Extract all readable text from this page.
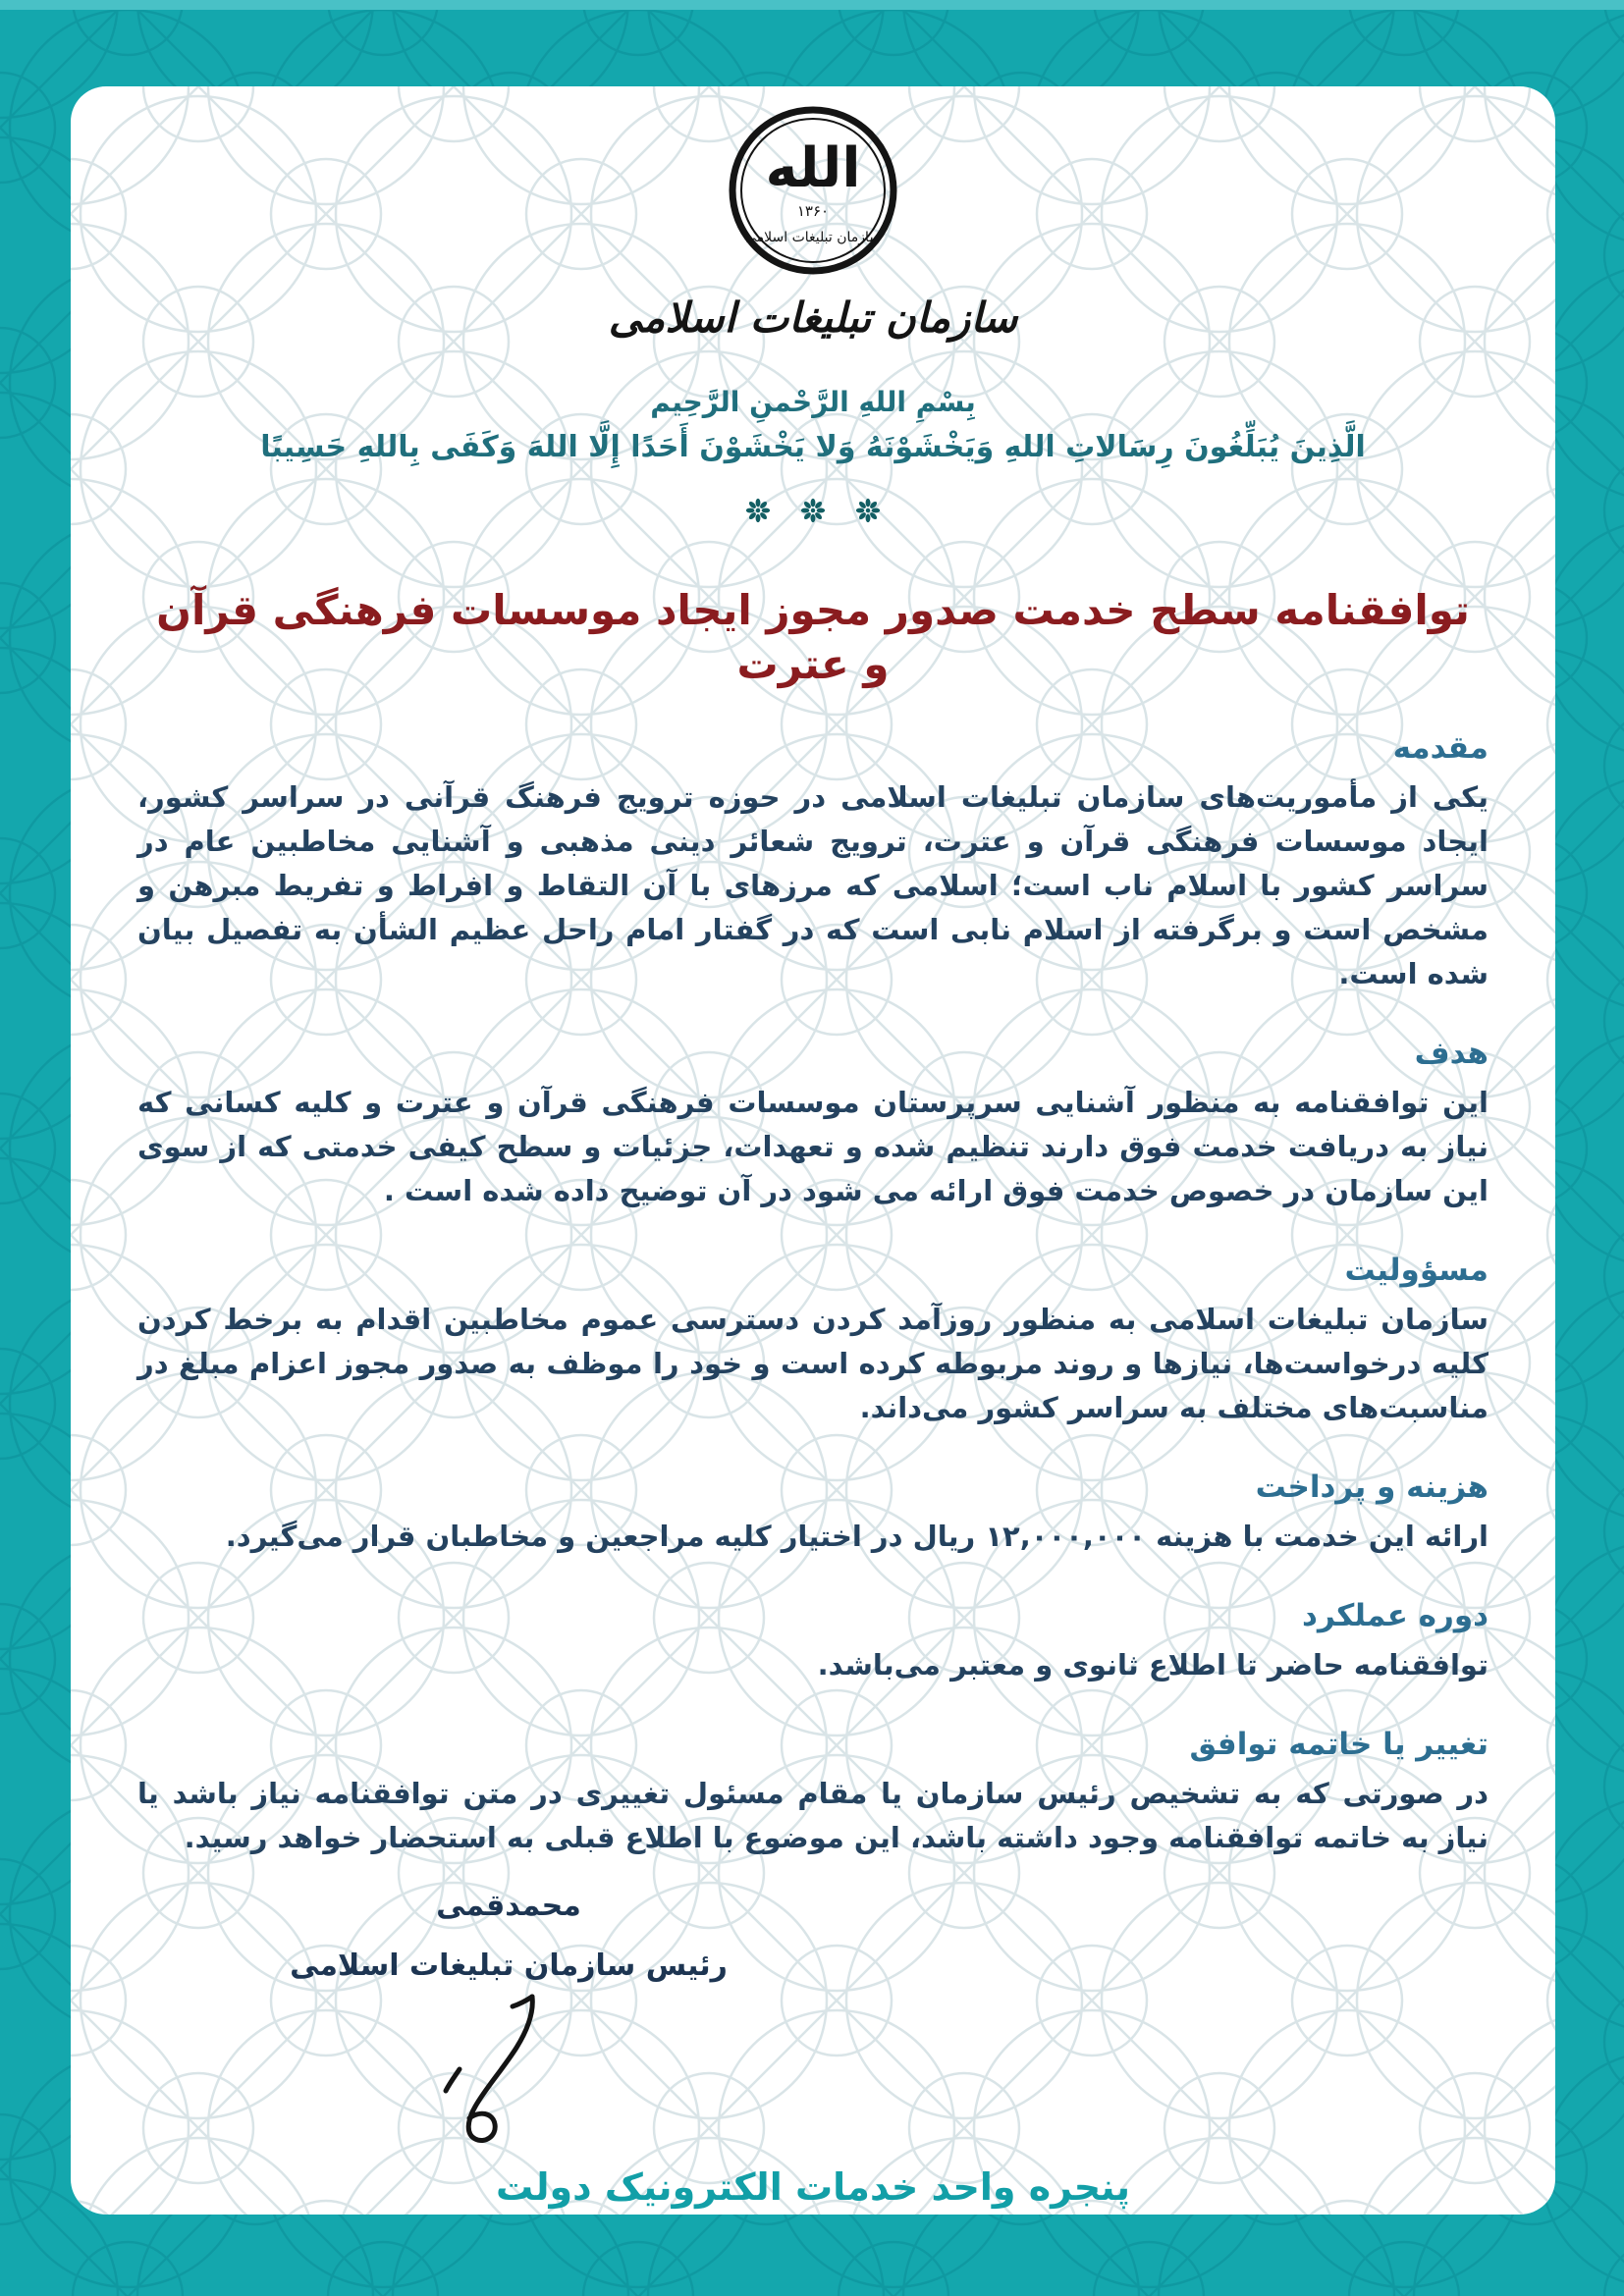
الله
۱۳۶۰
سازمان تبلیغات اسلامی
سازمان تبلیغات اسلامی
بِسْمِ اللهِ الرَّحْمنِ الرَّحِيم
الَّذِينَ يُبَلِّغُونَ رِسَالاتِ اللهِ وَيَخْشَوْنَهُ وَلا يَخْشَوْنَ أَحَدًا إِلَّا اللهَ وَكَفَى بِاللهِ حَسِيبًا
توافقنامه سطح خدمت صدور مجوز ایجاد موسسات فرهنگی قرآن و عترت
مقدمه

یکی از مأموریت‌های سازمان تبلیغات اسلامی در حوزه ترویج فرهنگ قرآنی در سراسر کشور، ایجاد موسسات فرهنگی قرآن و عترت، ترویج شعائر دینی مذهبی و آشنایی مخاطبین عام در سراسر کشور با اسلام ناب است؛ اسلامی که مرزهای با آن التقاط و افراط و تفریط مبرهن و مشخص است و برگرفته از اسلام نابی است که در گفتار امام راحل عظیم الشأن به تفصیل بیان شده است.

هدف

این توافقنامه به منظور آشنایی سرپرستان موسسات فرهنگی قرآن و عترت و کلیه کسانی که نیاز به دریافت خدمت فوق دارند تنظیم شده و تعهدات، جزئیات و سطح کیفی خدمتی که از سوی این سازمان در خصوص خدمت فوق ارائه می شود در آن توضیح داده شده است .

مسؤولیت

سازمان تبلیغات اسلامی به منظور روزآمد کردن دسترسی عموم مخاطبین اقدام به برخط کردن کلیه درخواست‌ها، نیازها و روند مربوطه کرده است و خود را موظف به صدور مجوز اعزام مبلغ در مناسبت‌های مختلف به سراسر کشور می‌داند.

هزینه و پرداخت

ارائه این خدمت با هزینه ۱۲,۰۰۰,۰۰۰ ریال در اختیار کلیه مراجعین و مخاطبان قرار می‌گیرد.

دوره عملکرد

توافقنامه حاضر تا اطلاع ثانوی و معتبر می‌باشد.

تغییر یا خاتمه توافق

در صورتی که به تشخیص رئیس سازمان یا مقام مسئول تغییری در متن توافقنامه نیاز باشد یا نیاز به خاتمه توافقنامه وجود داشته باشد، این موضوع با اطلاع قبلی به استحضار خواهد رسید.

محمدقمی
رئیس سازمان تبلیغات اسلامی
پنجره واحد خدمات الکترونیک دولت
